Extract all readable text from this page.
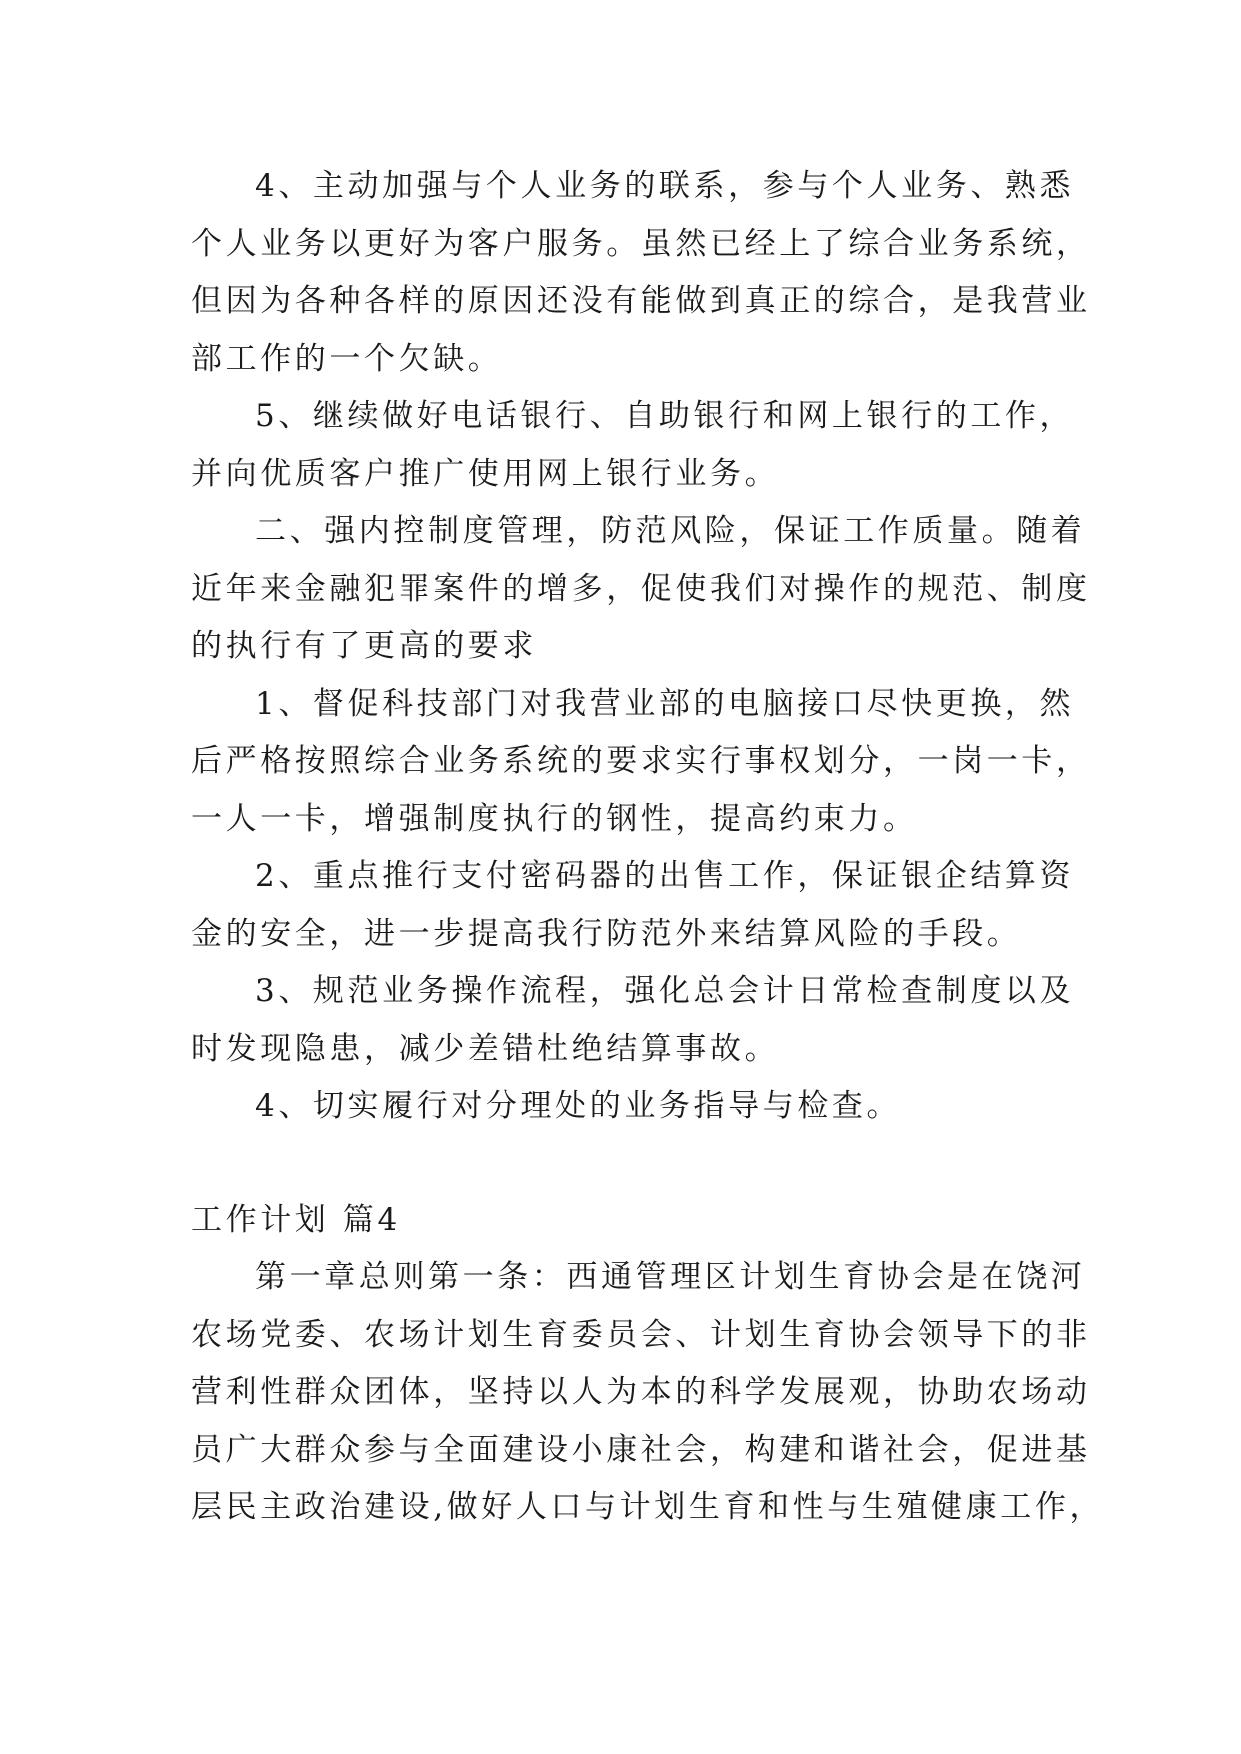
4、主动加强与个人业务的联系，参与个人业务、熟悉
个人业务以更好为客户服务。虽然已经上了综合业务系统，
但因为各种各样的原因还没有能做到真正的综合，是我营业
部工作的一个欠缺。

5、继续做好电话银行、自助银行和网上银行的工作，
并向优质客户推广使用网上银行业务。

二、强内控制度管理，防范风险，保证工作质量。随着
近年来金融犯罪案件的增多，促使我们对操作的规范、制度
的执行有了更高的要求

1、督促科技部门对我营业部的电脑接口尽快更换，然
后严格按照综合业务系统的要求实行事权划分，一岗一卡，
一人一卡，增强制度执行的钢性，提高约束力。

2、重点推行支付密码器的出售工作，保证银企结算资
金的安全，进一步提高我行防范外来结算风险的手段。

3、规范业务操作流程，强化总会计日常检查制度以及
时发现隐患，减少差错杜绝结算事故。

4、切实履行对分理处的业务指导与检查。

工作计划 篇4

第一章总则第一条：西通管理区计划生育协会是在饶河
农场党委、农场计划生育委员会、计划生育协会领导下的非
营利性群众团体，坚持以人为本的科学发展观，协助农场动
员广大群众参与全面建设小康社会，构建和谐社会，促进基
层民主政治建设,做好人口与计划生育和性与生殖健康工作，
